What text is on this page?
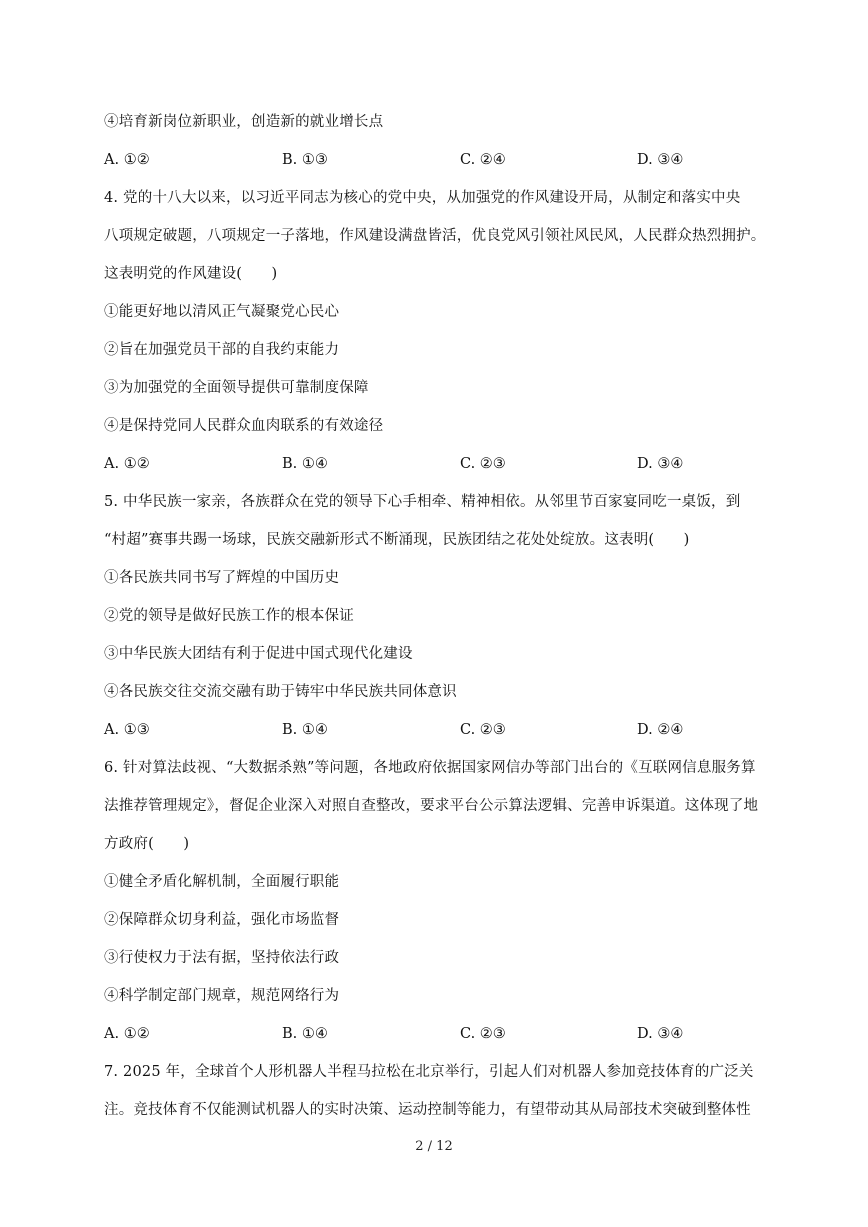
④培育新岗位新职业，创造新的就业增长点
A. ①②	B. ①③	C. ②④	D. ③④
4. 党的十八大以来，以习近平同志为核心的党中央，从加强党的作风建设开局，从制定和落实中央
八项规定破题，八项规定一子落地，作风建设满盘皆活，优良党风引领社风民风，人民群众热烈拥护。
这表明党的作风建设(　　)
①能更好地以清风正气凝聚党心民心
②旨在加强党员干部的自我约束能力
③为加强党的全面领导提供可靠制度保障
④是保持党同人民群众血肉联系的有效途径
A. ①②	B. ①④	C. ②③	D. ③④
5. 中华民族一家亲，各族群众在党的领导下心手相牵、精神相依。从邻里节百家宴同吃一桌饭，到
“村超”赛事共踢一场球，民族交融新形式不断涌现，民族团结之花处处绽放。这表明(　　)
①各民族共同书写了辉煌的中国历史
②党的领导是做好民族工作的根本保证
③中华民族大团结有利于促进中国式现代化建设
④各民族交往交流交融有助于铸牢中华民族共同体意识
A. ①③	B. ①④	C. ②③	D. ②④
6. 针对算法歧视、“大数据杀熟”等问题，各地政府依据国家网信办等部门出台的《互联网信息服务算
法推荐管理规定》，督促企业深入对照自查整改，要求平台公示算法逻辑、完善申诉渠道。这体现了地
方政府(　　)
①健全矛盾化解机制，全面履行职能
②保障群众切身利益，强化市场监督
③行使权力于法有据，坚持依法行政
④科学制定部门规章，规范网络行为
A. ①②	B. ①④	C. ②③	D. ③④
7. 2025 年，全球首个人形机器人半程马拉松在北京举行，引起人们对机器人参加竞技体育的广泛关
注。竞技体育不仅能测试机器人的实时决策、运动控制等能力，有望带动其从局部技术突破到整体性
2 / 12
